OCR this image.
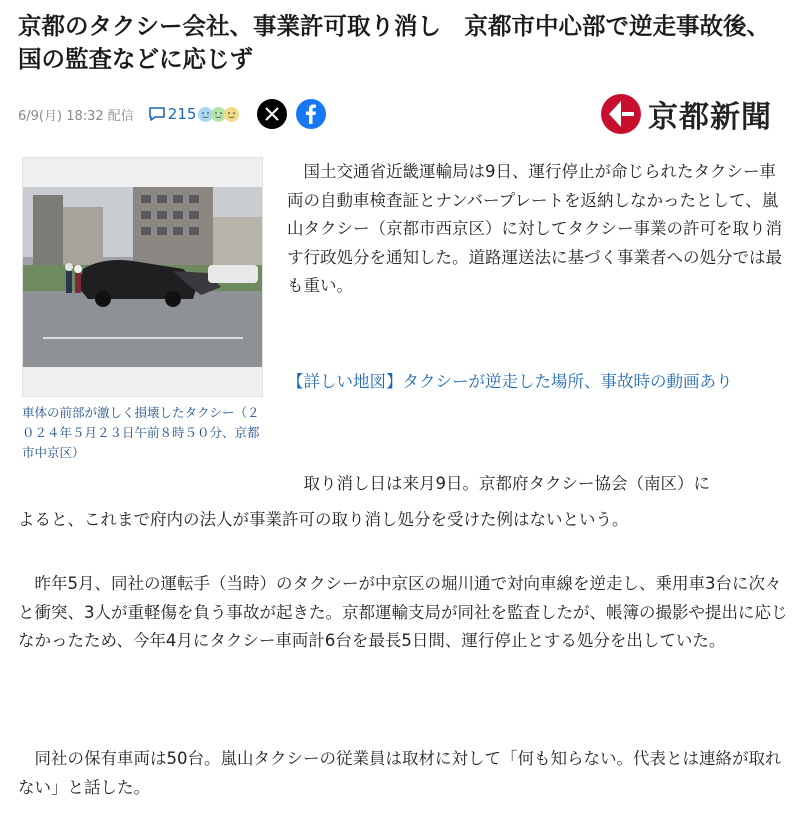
京都のタクシー会社、事業許可取り消し　京都市中心部で逆走事故後、国の監査などに応じず
6/9(月) 18:32 配信 215	京都新聞

車体の前部が激しく損壊したタクシー（２０２４年５月２３日午前８時５０分、京都市中京区）

国土交通省近畿運輸局は9日、運行停止が命じられたタクシー車両の自動車検査証とナンバープレートを返納しなかったとして、嵐山タクシー（京都市西京区）に対してタクシー事業の許可を取り消す行政処分を通知した。道路運送法に基づく事業者への処分では最も重い。

【詳しい地図】タクシーが逆走した場所、事故時の動画あり

取り消し日は来月9日。京都府タクシー協会（南区）に

よると、これまで府内の法人が事業許可の取り消し処分を受けた例はないという。

昨年5月、同社の運転手（当時）のタクシーが中京区の堀川通で対向車線を逆走し、乗用車3台に次々と衝突、3人が重軽傷を負う事故が起きた。京都運輸支局が同社を監査したが、帳簿の撮影や提出に応じなかったため、今年4月にタクシー車両計6台を最長5日間、運行停止とする処分を出していた。

同社の保有車両は50台。嵐山タクシーの従業員は取材に対して「何も知らない。代表とは連絡が取れない」と話した。
